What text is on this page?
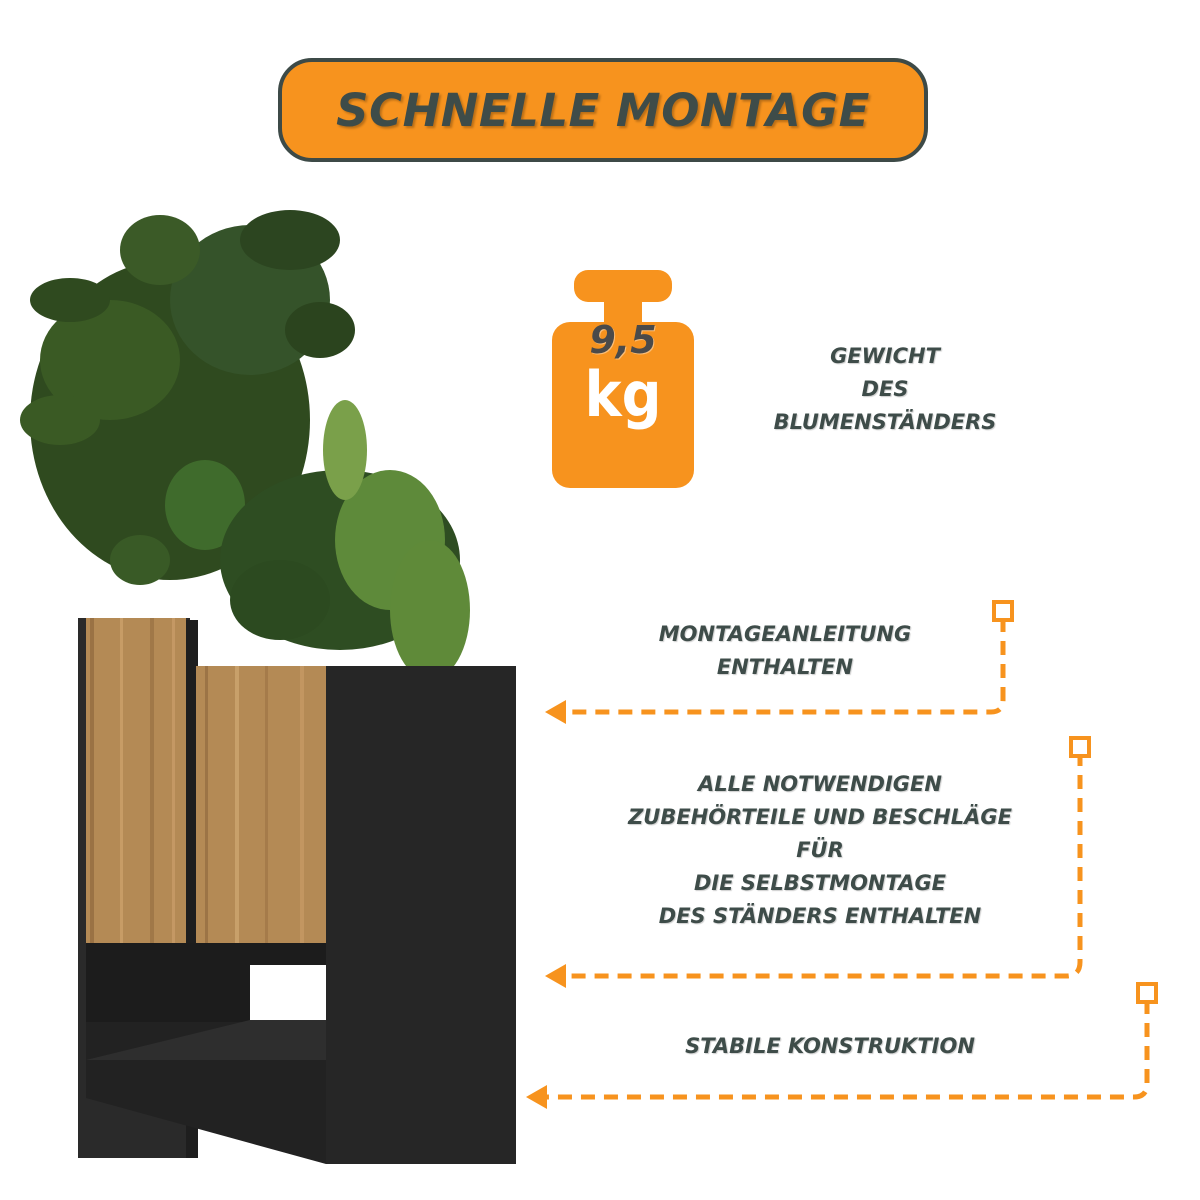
SCHNELLE MONTAGE
9,5
kg
GEWICHT
DES
BLUMENSTÄNDERS
MONTAGEANLEITUNG
ENTHALTEN
ALLE NOTWENDIGEN
ZUBEHÖRTEILE UND BESCHLÄGE
FÜR
DIE SELBSTMONTAGE
DES STÄNDERS ENTHALTEN
STABILE KONSTRUKTION
